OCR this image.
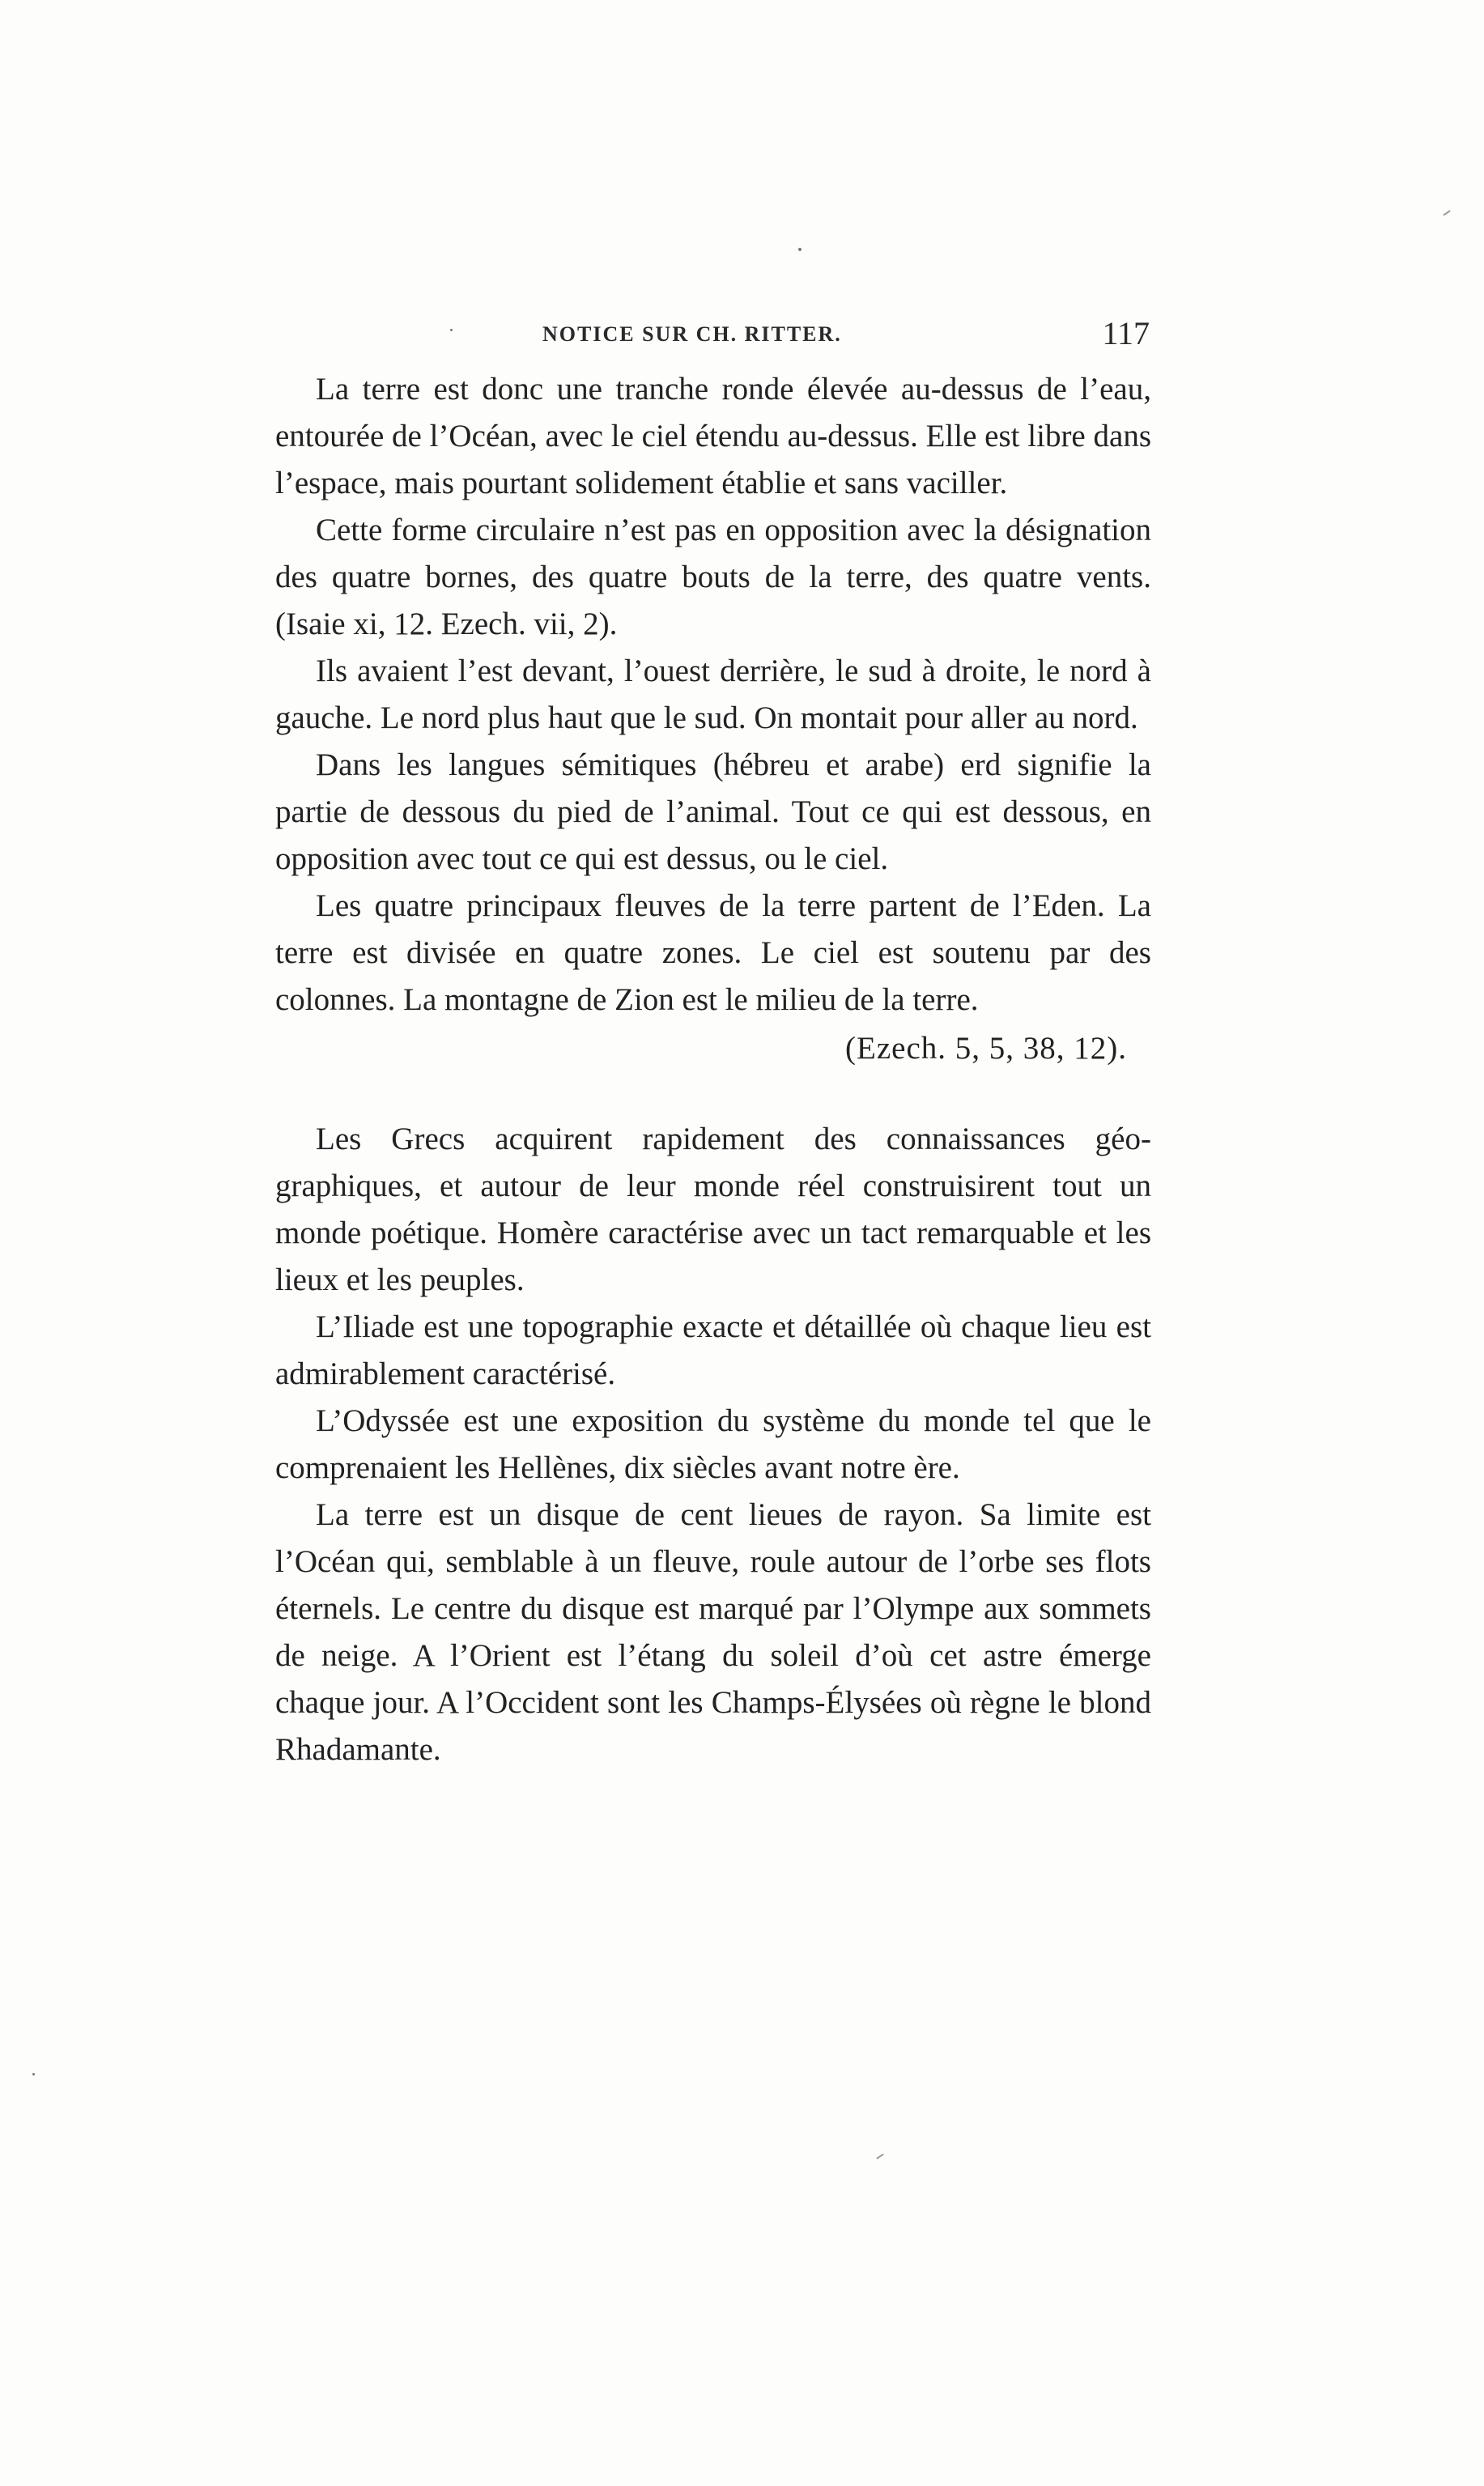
NOTICE SUR CH. RITTER.	117

La terre est donc une tranche ronde élevée au-dessus de l’eau, entourée de l’Océan, avec le ciel étendu au-dessus. Elle est libre dans l’espace, mais pourtant solidement établie et sans vaciller.

Cette forme circulaire n’est pas en opposition avec la désignation des quatre bornes, des quatre bouts de la terre, des quatre vents. (Isaie xi, 12. Ezech. vii, 2).

Ils avaient l’est devant, l’ouest derrière, le sud à droite, le nord à gauche. Le nord plus haut que le sud. On montait pour aller au nord.

Dans les langues sémitiques (hébreu et arabe) erd signifie la partie de dessous du pied de l’animal. Tout ce qui est dessous, en opposition avec tout ce qui est dessus, ou le ciel.

Les quatre principaux fleuves de la terre partent de l’Eden. La terre est divisée en quatre zones. Le ciel est soutenu par des colonnes. La montagne de Zion est le milieu de la terre.

(Ezech. 5, 5, 38, 12).

Les Grecs acquirent rapidement des connaissances géographiques, et autour de leur monde réel construisirent tout un monde poétique. Homère caractérise avec un tact remarquable et les lieux et les peuples.

L’Iliade est une topographie exacte et détaillée où chaque lieu est admirablement caractérisé.

L’Odyssée est une exposition du système du monde tel que le comprenaient les Hellènes, dix siècles avant notre ère.

La terre est un disque de cent lieues de rayon. Sa limite est l’Océan qui, semblable à un fleuve, roule autour de l’orbe ses flots éternels. Le centre du disque est marqué par l’Olympe aux sommets de neige. A l’Orient est l’étang du soleil d’où cet astre émerge chaque jour. A l’Occident sont les Champs-Élysées où règne le blond Rhadamante.
